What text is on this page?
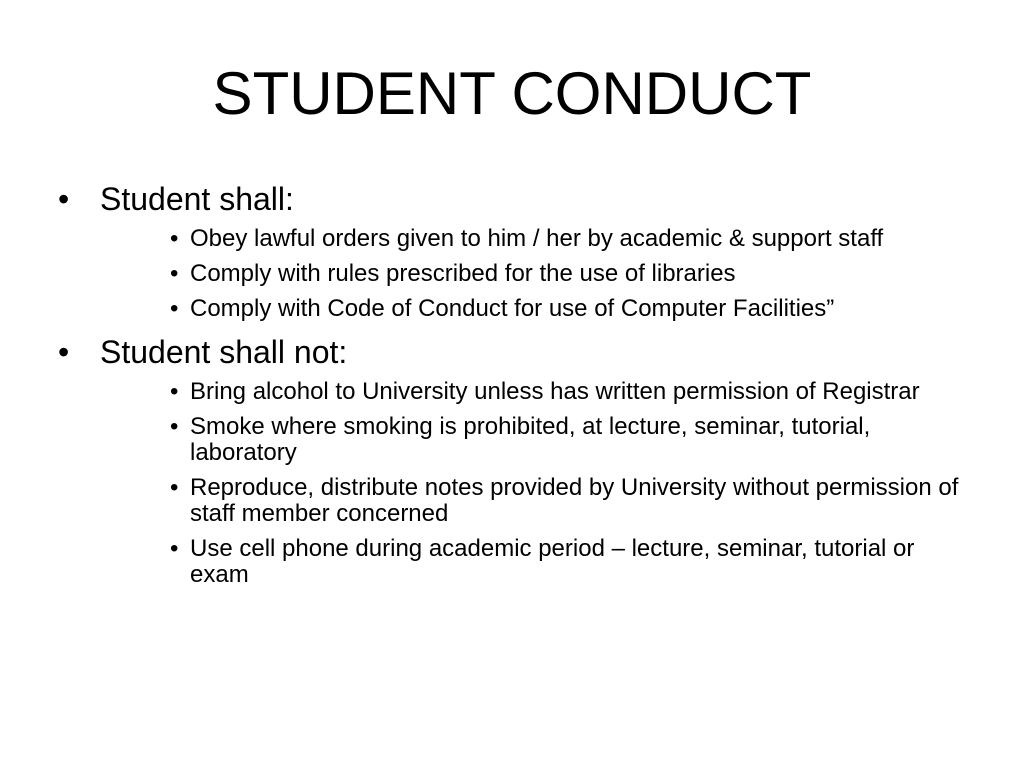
STUDENT CONDUCT

• Student shall:

• Obey lawful orders given to him / her by academic & support staff
• Comply with rules prescribed for the use of libraries
• Comply with Code of Conduct for use of Computer Facilities”

• Student shall not:

• Bring alcohol to University unless has written permission of Registrar
• Smoke where smoking is prohibited, at lecture, seminar, tutorial, laboratory
• Reproduce, distribute notes provided by University without permission of staff member concerned
• Use cell phone during academic period – lecture, seminar, tutorial or exam
